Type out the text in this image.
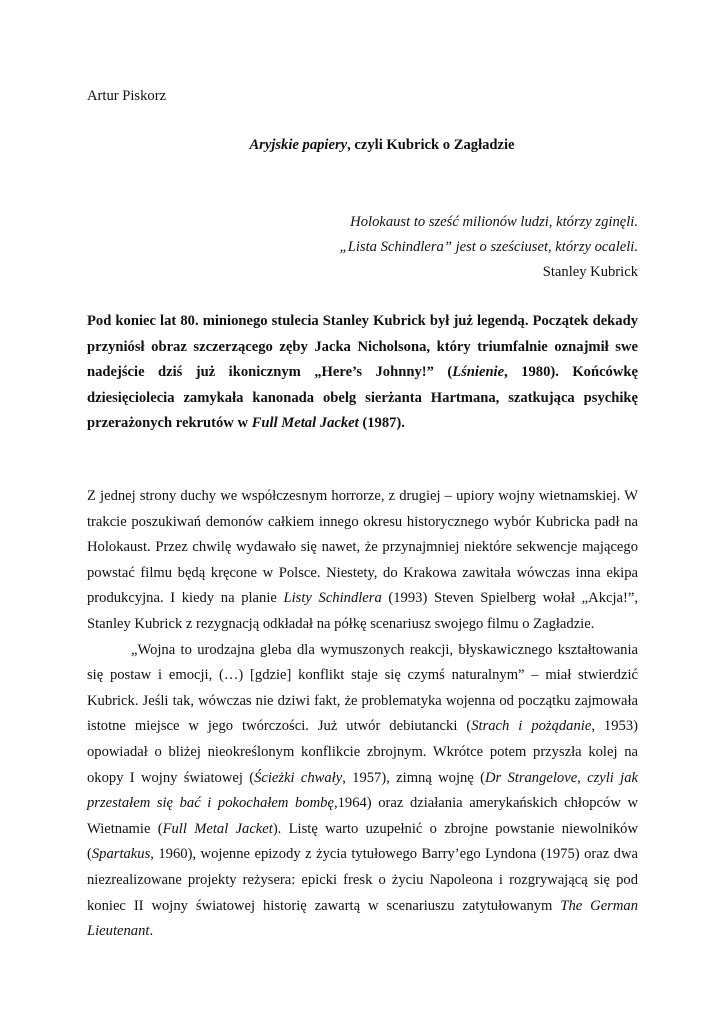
Artur Piskorz
Aryjskie papiery, czyli Kubrick o Zagładzie
Holokaust to sześć milionów ludzi, którzy zginęli.
„Lista Schindlera” jest o sześciuset, którzy ocaleli.
Stanley Kubrick
Pod koniec lat 80. minionego stulecia Stanley Kubrick był już legendą. Początek dekady przyniósł obraz szczerzącego zęby Jacka Nicholsona, który triumfalnie oznajmił swe nadejście dziś już ikonicznym „Here’s Johnny!” (Lśnienie, 1980). Końcówkę dziesięciolecia zamykała kanonada obelg sierżanta Hartmana, szatkująca psychikę przerażonych rekrutów w Full Metal Jacket (1987).

Z jednej strony duchy we współczesnym horrorze, z drugiej – upiory wojny wietnamskiej. W trakcie poszukiwań demonów całkiem innego okresu historycznego wybór Kubricka padł na Holokaust. Przez chwilę wydawało się nawet, że przynajmniej niektóre sekwencje mającego powstać filmu będą kręcone w Polsce. Niestety, do Krakowa zawitała wówczas inna ekipa produkcyjna. I kiedy na planie Listy Schindlera (1993) Steven Spielberg wołał „Akcja!”, Stanley Kubrick z rezygnacją odkładał na półkę scenariusz swojego filmu o Zagładzie.

„Wojna to urodzajna gleba dla wymuszonych reakcji, błyskawicznego kształtowania się postaw i emocji, (…) [gdzie] konflikt staje się czymś naturalnym” – miał stwierdzić Kubrick. Jeśli tak, wówczas nie dziwi fakt, że problematyka wojenna od początku zajmowała istotne miejsce w jego twórczości. Już utwór debiutancki (Strach i pożądanie, 1953) opowiadał o bliżej nieokreślonym konflikcie zbrojnym. Wkrótce potem przyszła kolej na okopy I wojny światowej (Ścieżki chwały, 1957), zimną wojnę (Dr Strangelove, czyli jak przestałem się bać i pokochałem bombę,1964) oraz działania amerykańskich chłopców w Wietnamie (Full Metal Jacket). Listę warto uzupełnić o zbrojne powstanie niewolników (Spartakus, 1960), wojenne epizody z życia tytułowego Barry’ego Lyndona (1975) oraz dwa niezrealizowane projekty reżysera: epicki fresk o życiu Napoleona i rozgrywającą się pod koniec II wojny światowej historię zawartą w scenariuszu zatytułowanym The German Lieutenant.
